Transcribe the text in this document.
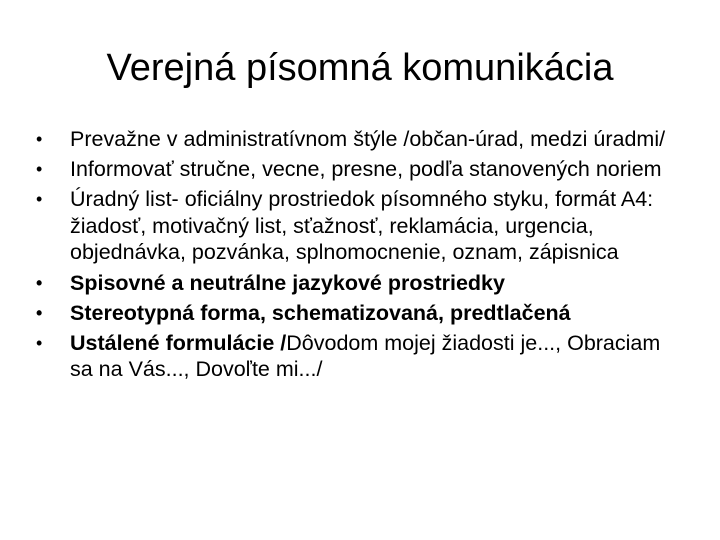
Verejná písomná komunikácia
•	Prevažne v administratívnom štýle /občan-úrad, medzi úradmi/
•	Informovať stručne, vecne, presne, podľa stanovených noriem
•	Úradný list- oficiálny prostriedok písomného styku, formát A4: žiadosť, motivačný list, sťažnosť, reklamácia, urgencia, objednávka, pozvánka, splnomocnenie, oznam, zápisnica
•	Spisovné a neutrálne jazykové prostriedky
•	Stereotypná forma, schematizovaná, predtlačená
•	Ustálené formulácie /Dôvodom mojej žiadosti je..., Obraciam sa na Vás..., Dovoľte mi.../
